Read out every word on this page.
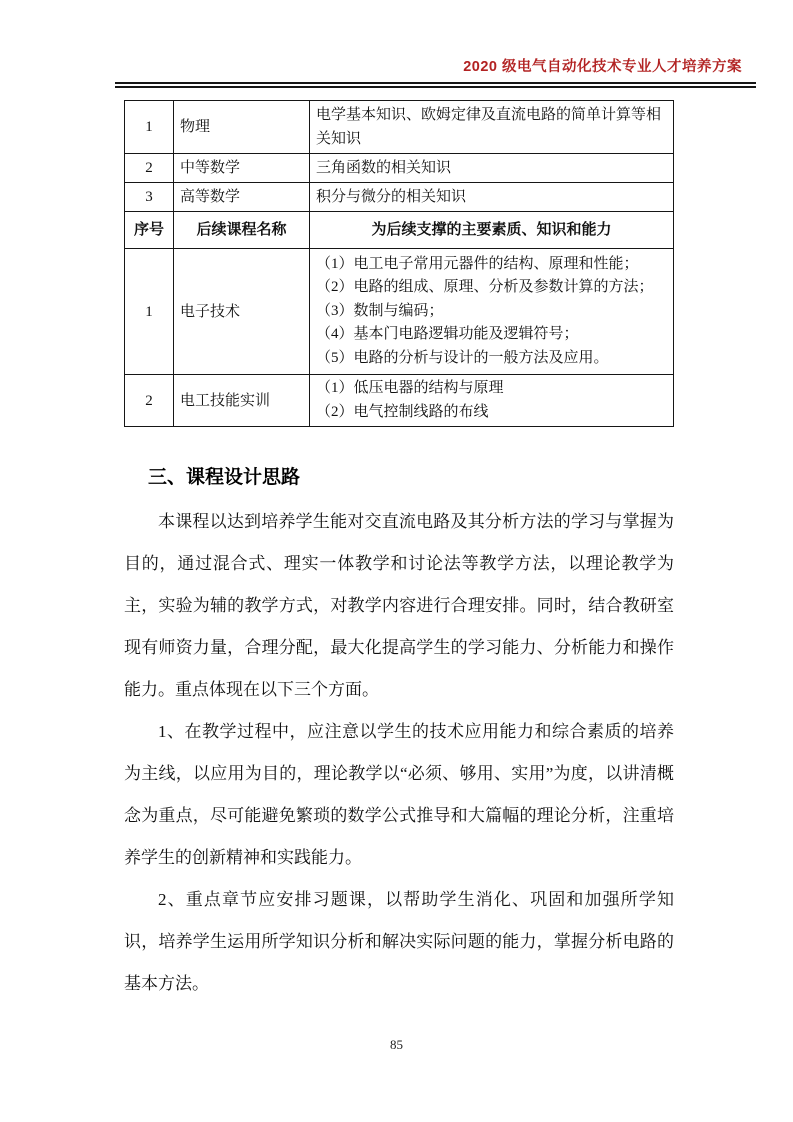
2020 级电气自动化技术专业人才培养方案
1	物理	电学基本知识、欧姆定律及直流电路的简单计算等相关知识
2	中等数学	三角函数的相关知识
3	高等数学	积分与微分的相关知识
序号	后续课程名称	为后续支撑的主要素质、知识和能力
1	电子技术	（1）电工电子常用元器件的结构、原理和性能；
（2）电路的组成、原理、分析及参数计算的方法；
（3）数制与编码；
（4）基本门电路逻辑功能及逻辑符号；
（5）电路的分析与设计的一般方法及应用。

2	电工技能实训	（1）低压电器的结构与原理
（2）电气控制线路的布线
三、课程设计思路

本课程以达到培养学生能对交直流电路及其分析方法的学习与掌握为目的，通过混合式、理实一体教学和讨论法等教学方法，以理论教学为主，实验为辅的教学方式，对教学内容进行合理安排。同时，结合教研室现有师资力量，合理分配，最大化提高学生的学习能力、分析能力和操作能力。重点体现在以下三个方面。

1、在教学过程中，应注意以学生的技术应用能力和综合素质的培养为主线，以应用为目的，理论教学以“必须、够用、实用”为度，以讲清概念为重点，尽可能避免繁琐的数学公式推导和大篇幅的理论分析，注重培养学生的创新精神和实践能力。

2、重点章节应安排习题课，以帮助学生消化、巩固和加强所学知识，培养学生运用所学知识分析和解决实际问题的能力，掌握分析电路的基本方法。

85
